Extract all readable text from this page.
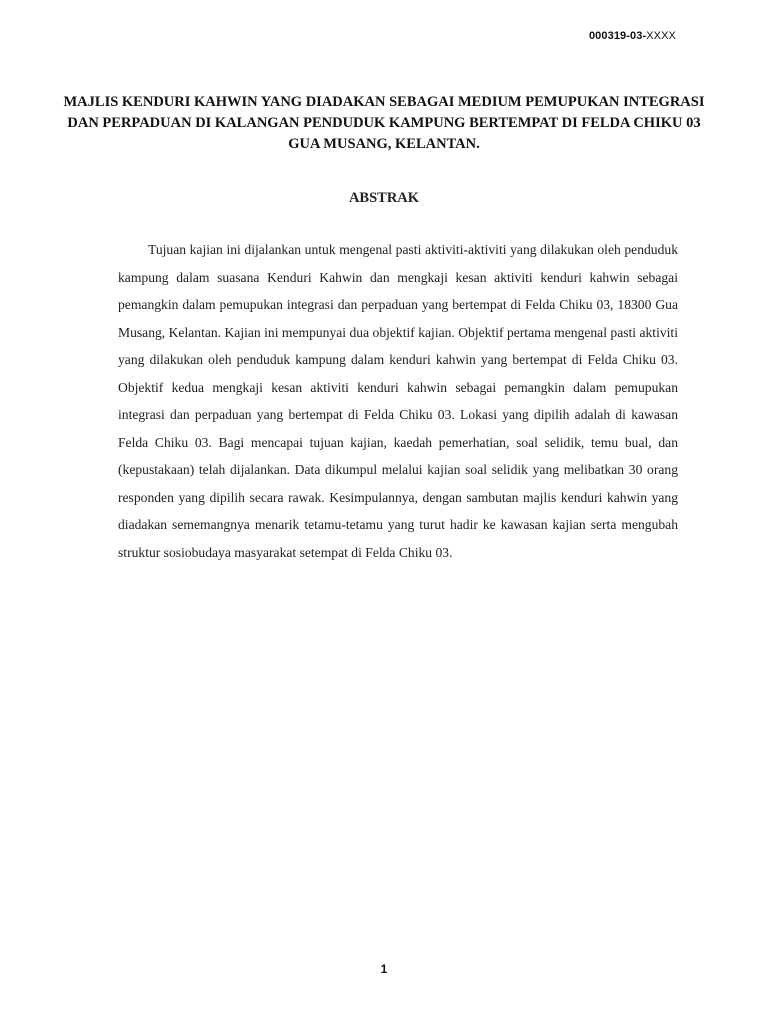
000319-03-XXXX
MAJLIS KENDURI KAHWIN YANG DIADAKAN SEBAGAI MEDIUM PEMUPUKAN INTEGRASI DAN PERPADUAN DI KALANGAN PENDUDUK KAMPUNG BERTEMPAT DI FELDA CHIKU 03 GUA MUSANG, KELANTAN.
ABSTRAK

Tujuan kajian ini dijalankan untuk mengenal pasti aktiviti-aktiviti yang dilakukan oleh penduduk kampung dalam suasana Kenduri Kahwin dan mengkaji kesan aktiviti kenduri kahwin sebagai pemangkin dalam pemupukan integrasi dan perpaduan yang bertempat di Felda Chiku 03, 18300 Gua Musang, Kelantan. Kajian ini mempunyai dua objektif kajian. Objektif pertama mengenal pasti aktiviti yang dilakukan oleh penduduk kampung dalam kenduri kahwin yang bertempat di Felda Chiku 03. Objektif kedua mengkaji kesan aktiviti kenduri kahwin sebagai pemangkin dalam pemupukan integrasi dan perpaduan yang bertempat di Felda Chiku 03. Lokasi yang dipilih adalah di kawasan Felda Chiku 03. Bagi mencapai tujuan kajian, kaedah pemerhatian, soal selidik, temu bual, dan (kepustakaan) telah dijalankan. Data dikumpul melalui kajian soal selidik yang melibatkan 30 orang responden yang dipilih secara rawak. Kesimpulannya, dengan sambutan majlis kenduri kahwin yang diadakan sememangnya menarik tetamu-tetamu yang turut hadir ke kawasan kajian serta mengubah struktur sosiobudaya masyarakat setempat di Felda Chiku 03.

1
